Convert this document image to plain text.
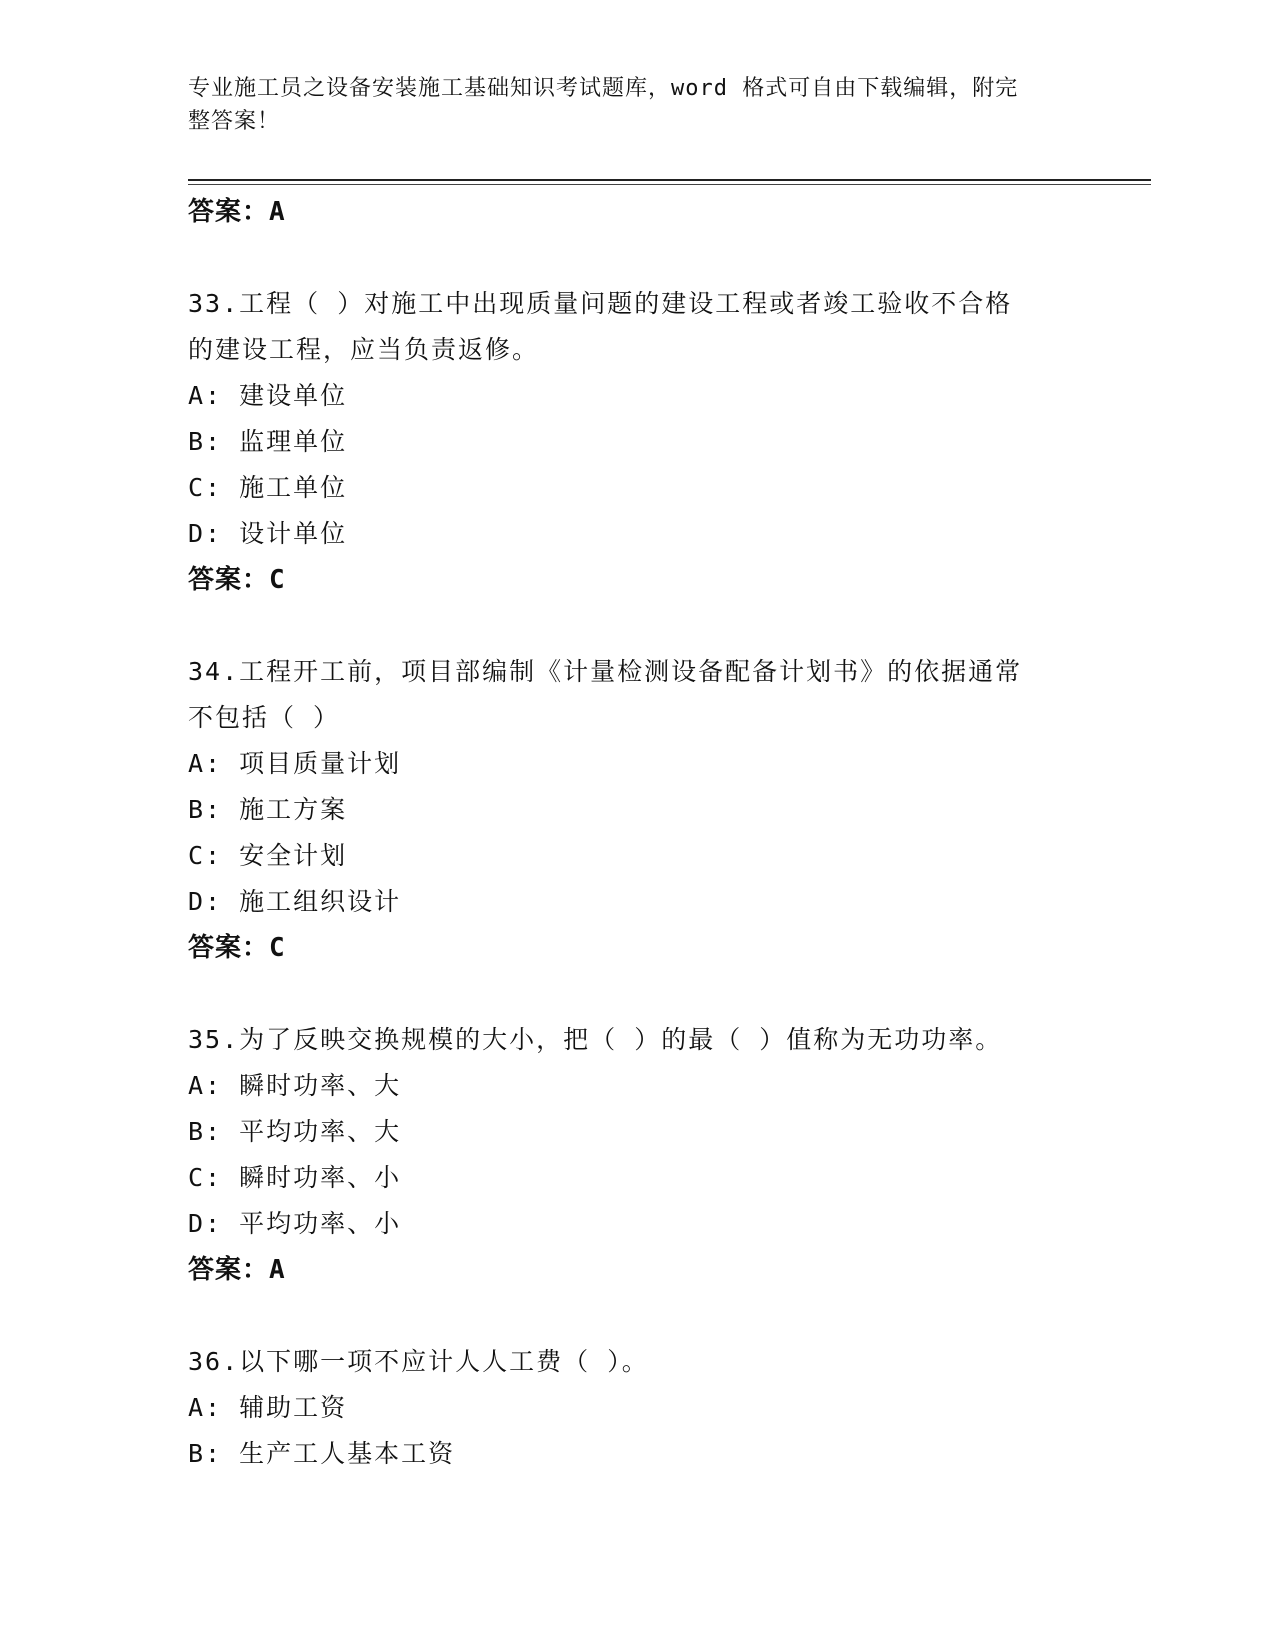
专业施工员之设备安装施工基础知识考试题库，word 格式可自由下载编辑，附完
整答案！
答案：A
33.工程（ ）对施工中出现质量问题的建设工程或者竣工验收不合格
的建设工程，应当负责返修。
A: 建设单位
B: 监理单位
C: 施工单位
D: 设计单位
答案：C
34.工程开工前，项目部编制《计量检测设备配备计划书》的依据通常
不包括（ ）
A: 项目质量计划
B: 施工方案
C: 安全计划
D: 施工组织设计
答案：C
35.为了反映交换规模的大小，把（ ）的最（ ）值称为无功功率。
A: 瞬时功率、大
B: 平均功率、大
C: 瞬时功率、小
D: 平均功率、小
答案：A
36.以下哪一项不应计人人工费（ ）。
A: 辅助工资
B: 生产工人基本工资
